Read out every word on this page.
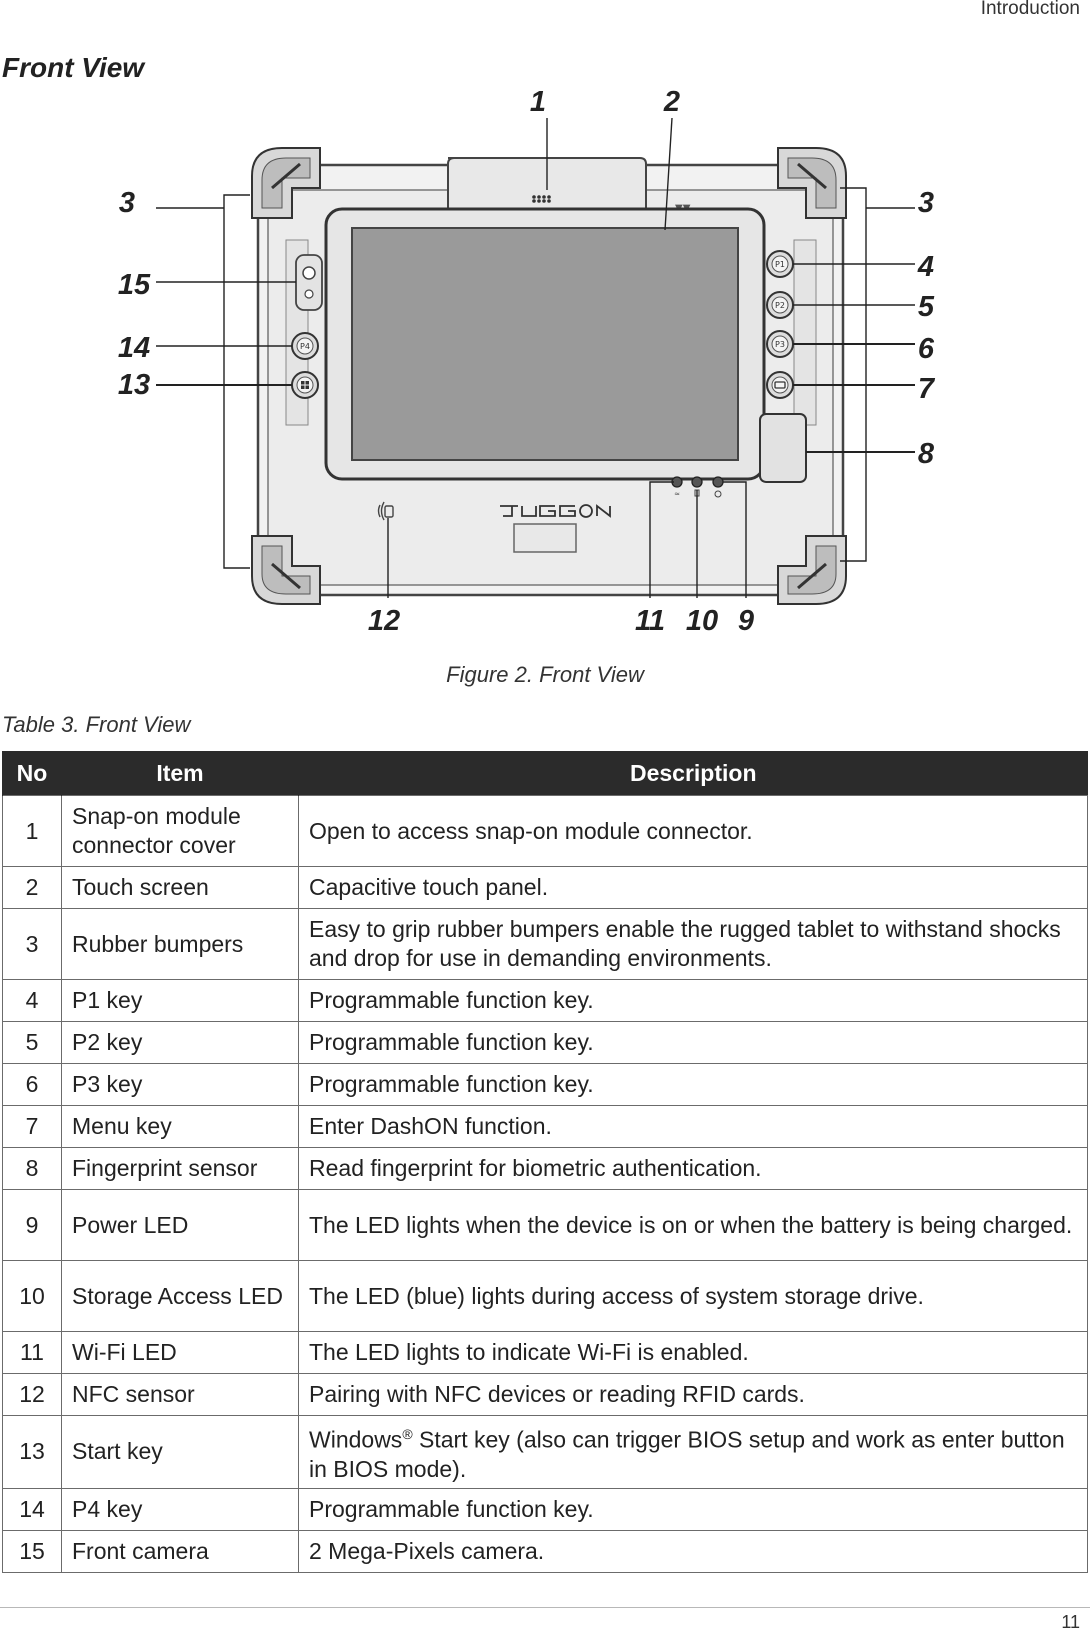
Introduction
Front View
P4
P1
P2
P3
≈
1	2
3	3
4
5
6
7
8
9
10
11
12
13
14
15
Figure 2. Front View
Table 3. Front View
No	Item	Description
1	Snap-on module connector cover	Open to access snap-on module connector.
2	Touch screen	Capacitive touch panel.
3	Rubber bumpers	Easy to grip rubber bumpers enable the rugged tablet to withstand shocks and drop for use in demanding environments.
4	P1 key	Programmable function key.
5	P2 key	Programmable function key.
6	P3 key	Programmable function key.
7	Menu key	Enter DashON function.
8	Fingerprint sensor	Read fingerprint for biometric authentication.
9	Power LED	The LED lights when the device is on or when the battery is being charged.
10	Storage Access LED	The LED (blue) lights during access of system storage drive.
11	Wi-Fi LED	The LED lights to indicate Wi-Fi is enabled.
12	NFC sensor	Pairing with NFC devices or reading RFID cards.
13	Start key	Windows® Start key (also can trigger BIOS setup and work as enter button in BIOS mode).
14	P4 key	Programmable function key.
15	Front camera	2 Mega-Pixels camera.
11
